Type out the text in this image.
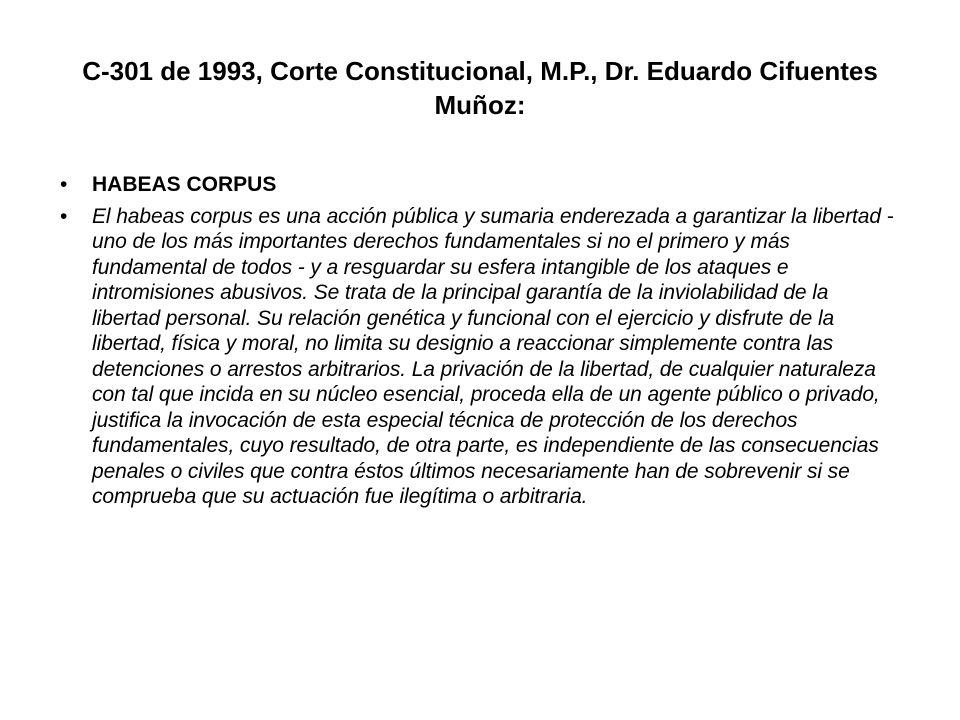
C-301 de 1993, Corte Constitucional, M.P., Dr. Eduardo Cifuentes Muñoz:
• HABEAS CORPUS
• El habeas corpus es una acción pública y sumaria enderezada a garantizar la libertad - uno de los más importantes derechos fundamentales si no el primero y más fundamental de todos - y a resguardar su esfera intangible de los ataques e intromisiones abusivos. Se trata de la principal garantía de la inviolabilidad de la libertad personal. Su relación genética y funcional con el ejercicio y disfrute de la libertad, física y moral, no limita su designio a reaccionar simplemente contra las detenciones o arrestos arbitrarios. La privación de la libertad, de cualquier naturaleza con tal que incida en su núcleo esencial, proceda ella de un agente público o privado, justifica la invocación de esta especial técnica de protección de los derechos fundamentales, cuyo resultado, de otra parte, es independiente de las consecuencias penales o civiles que contra éstos últimos necesariamente han de sobrevenir si se comprueba que su actuación fue ilegítima o arbitraria.
